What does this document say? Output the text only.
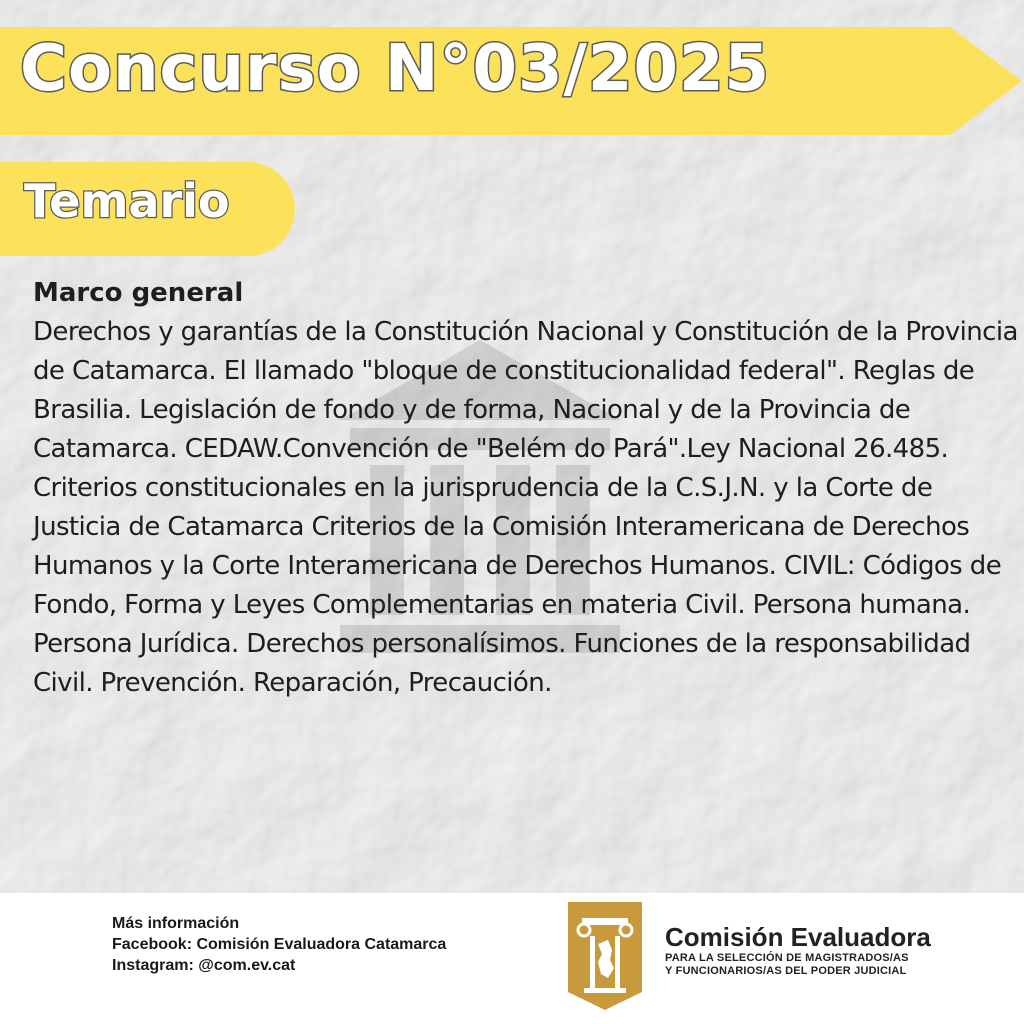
Concurso N°03/2025
Temario
Marco general

Derechos y garantías de la Constitución Nacional y Constitución de la Provincia de Catamarca. El llamado "bloque de constitucionalidad federal". Reglas de Brasilia. Legislación de fondo y de forma, Nacional y de la Provincia de Catamarca. CEDAW.Convención de "Belém do Pará".Ley Nacional 26.485. Criterios constitucionales en la jurisprudencia de la C.S.J.N. y la Corte de Justicia de Catamarca Criterios de la Comisión Interamericana de Derechos Humanos y la Corte Interamericana de Derechos Humanos. CIVIL: Códigos de Fondo, Forma y Leyes Complementarias en materia Civil. Persona humana. Persona Jurídica. Derechos personalísimos. Funciones de la responsabilidad Civil. Prevención. Reparación, Precaución.

Más información
Facebook: Comisión Evaluadora Catamarca
Instagram: @com.ev.cat
Comisión Evaluadora
PARA LA SELECCIÓN DE MAGISTRADOS/AS
Y FUNCIONARIOS/AS DEL PODER JUDICIAL
